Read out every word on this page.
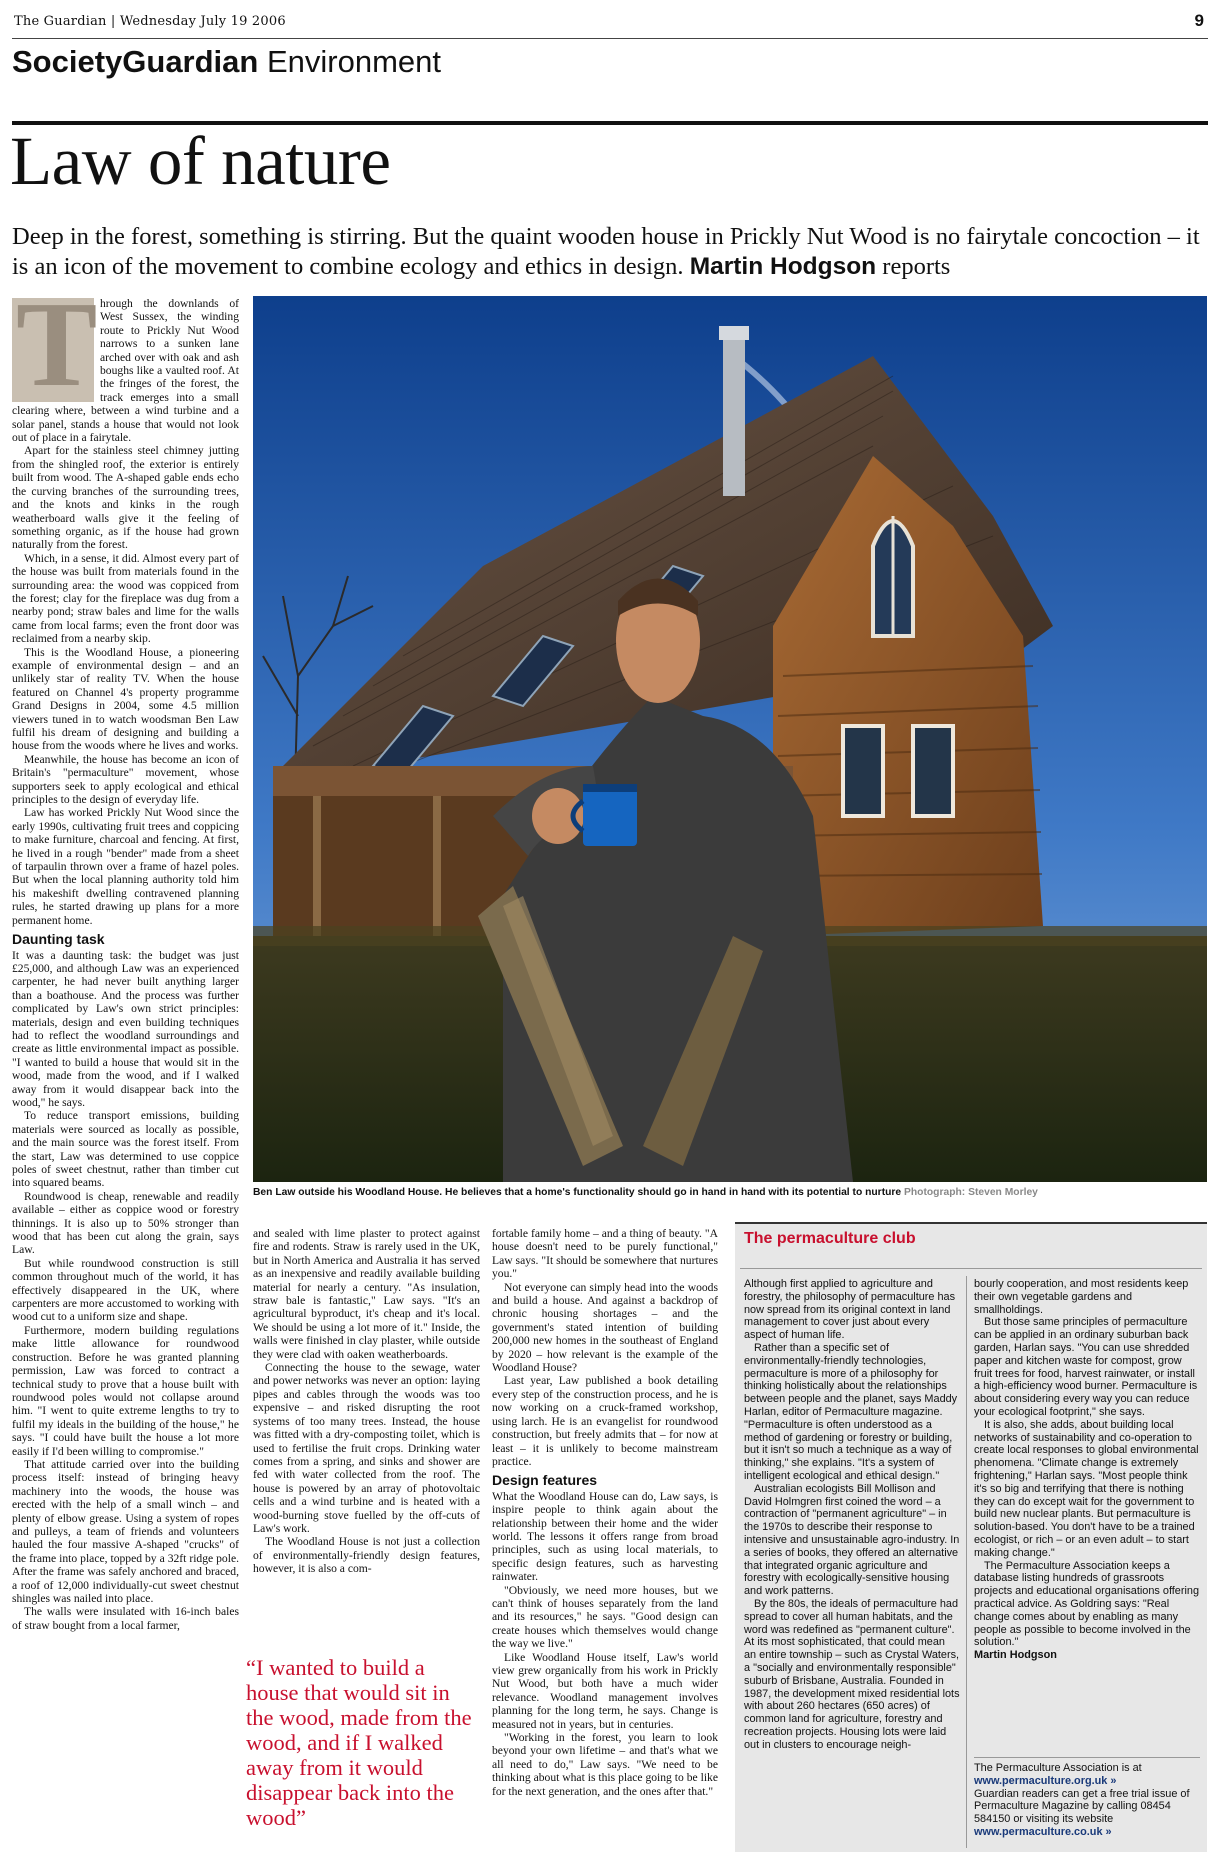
The Guardian | Wednesday July 19 2006	9
SocietyGuardian Environment
Law of nature
Deep in the forest, something is stirring. But the quaint wooden house in Prickly Nut Wood is no fairytale concoction – it is an icon of the movement to combine ecology and ethics in design. Martin Hodgson reports
T hrough the downlands of West Sussex, the winding route to Prickly Nut Wood narrows to a sunken lane arched over with oak and ash boughs like a vaulted roof. At the fringes of the forest, the track emerges into a small clearing where, between a wind turbine and a solar panel, stands a house that would not look out of place in a fairytale.

Apart for the stainless steel chimney jutting from the shingled roof, the exterior is entirely built from wood. The A-shaped gable ends echo the curving branches of the surrounding trees, and the knots and kinks in the rough weatherboard walls give it the feeling of something organic, as if the house had grown naturally from the forest.

Which, in a sense, it did. Almost every part of the house was built from materials found in the surrounding area: the wood was coppiced from the forest; clay for the fireplace was dug from a nearby pond; straw bales and lime for the walls came from local farms; even the front door was reclaimed from a nearby skip.

This is the Woodland House, a pioneering example of environmental design – and an unlikely star of reality TV. When the house featured on Channel 4's property programme Grand Designs in 2004, some 4.5 million viewers tuned in to watch woodsman Ben Law fulfil his dream of designing and building a house from the woods where he lives and works.

Meanwhile, the house has become an icon of Britain's "permaculture" movement, whose supporters seek to apply ecological and ethical principles to the design of everyday life.

Law has worked Prickly Nut Wood since the early 1990s, cultivating fruit trees and coppicing to make furniture, charcoal and fencing. At first, he lived in a rough "bender" made from a sheet of tarpaulin thrown over a frame of hazel poles. But when the local planning authority told him his makeshift dwelling contravened planning rules, he started drawing up plans for a more permanent home.

Daunting task

It was a daunting task: the budget was just £25,000, and although Law was an experienced carpenter, he had never built anything larger than a boathouse. And the process was further complicated by Law's own strict principles: materials, design and even building techniques had to reflect the woodland surroundings and create as little environmental impact as possible. "I wanted to build a house that would sit in the wood, made from the wood, and if I walked away from it would disappear back into the wood," he says.

To reduce transport emissions, building materials were sourced as locally as possible, and the main source was the forest itself. From the start, Law was determined to use coppice poles of sweet chestnut, rather than timber cut into squared beams.

Roundwood is cheap, renewable and readily available – either as coppice wood or forestry thinnings. It is also up to 50% stronger than wood that has been cut along the grain, says Law.

But while roundwood construction is still common throughout much of the world, it has effectively disappeared in the UK, where carpenters are more accustomed to working with wood cut to a uniform size and shape.

Furthermore, modern building regulations make little allowance for roundwood construction. Before he was granted planning permission, Law was forced to contract a technical study to prove that a house built with roundwood poles would not collapse around him. "I went to quite extreme lengths to try to fulfil my ideals in the building of the house," he says. "I could have built the house a lot more easily if I'd been willing to compromise."

That attitude carried over into the building process itself: instead of bringing heavy machinery into the woods, the house was erected with the help of a small winch – and plenty of elbow grease. Using a system of ropes and pulleys, a team of friends and volunteers hauled the four massive A-shaped "crucks" of the frame into place, topped by a 32ft ridge pole. After the frame was safely anchored and braced, a roof of 12,000 individually-cut sweet chestnut shingles was nailed into place.

The walls were insulated with 16-inch bales of straw bought from a local farmer,

Ben Law outside his Woodland House. He believes that a home's functionality should go in hand in hand with its potential to nurture Photograph: Steven Morley

and sealed with lime plaster to protect against fire and rodents. Straw is rarely used in the UK, but in North America and Australia it has served as an inexpensive and readily available building material for nearly a century. "As insulation, straw bale is fantastic," Law says. "It's an agricultural byproduct, it's cheap and it's local. We should be using a lot more of it." Inside, the walls were finished in clay plaster, while outside they were clad with oaken weatherboards.

Connecting the house to the sewage, water and power networks was never an option: laying pipes and cables through the woods was too expensive – and risked disrupting the root systems of too many trees. Instead, the house was fitted with a dry-composting toilet, which is used to fertilise the fruit crops. Drinking water comes from a spring, and sinks and shower are fed with water collected from the roof. The house is powered by an array of photovoltaic cells and a wind turbine and is heated with a wood-burning stove fuelled by the off-cuts of Law's work.

The Woodland House is not just a collection of environmentally-friendly design features, however, it is also a com-

“I wanted to build a house that would sit in the wood, made from the wood, and if I walked away from it would disappear back into the wood”

fortable family home – and a thing of beauty. "A house doesn't need to be purely functional," Law says. "It should be somewhere that nurtures you."

Not everyone can simply head into the woods and build a house. And against a backdrop of chronic housing shortages – and the government's stated intention of building 200,000 new homes in the southeast of England by 2020 – how relevant is the example of the Woodland House?

Last year, Law published a book detailing every step of the construction process, and he is now working on a cruck-framed workshop, using larch. He is an evangelist for roundwood construction, but freely admits that – for now at least – it is unlikely to become mainstream practice.

Design features

What the Woodland House can do, Law says, is inspire people to think again about the relationship between their home and the wider world. The lessons it offers range from broad principles, such as using local materials, to specific design features, such as harvesting rainwater.

"Obviously, we need more houses, but we can't think of houses separately from the land and its resources," he says. "Good design can create houses which themselves would change the way we live."

Like Woodland House itself, Law's world view grew organically from his work in Prickly Nut Wood, but both have a much wider relevance. Woodland management involves planning for the long term, he says. Change is measured not in years, but in centuries.

"Working in the forest, you learn to look beyond your own lifetime – and that's what we all need to do," Law says. "We need to be thinking about what is this place going to be like for the next generation, and the ones after that."

The permaculture club

Although first applied to agriculture and forestry, the philosophy of permaculture has now spread from its original context in land management to cover just about every aspect of human life.

Rather than a specific set of environmentally-friendly technologies, permaculture is more of a philosophy for thinking holistically about the relationships between people and the planet, says Maddy Harlan, editor of Permaculture magazine. "Permaculture is often understood as a method of gardening or forestry or building, but it isn't so much a technique as a way of thinking," she explains. "It's a system of intelligent ecological and ethical design."

Australian ecologists Bill Mollison and David Holmgren first coined the word – a contraction of "permanent agriculture" – in the 1970s to describe their response to intensive and unsustainable agro-industry. In a series of books, they offered an alternative that integrated organic agriculture and forestry with ecologically-sensitive housing and work patterns.

By the 80s, the ideals of permaculture had spread to cover all human habitats, and the word was redefined as "permanent culture". At its most sophisticated, that could mean an entire township – such as Crystal Waters, a "socially and environmentally responsible" suburb of Brisbane, Australia. Founded in 1987, the development mixed residential lots with about 260 hectares (650 acres) of common land for agriculture, forestry and recreation projects. Housing lots were laid out in clusters to encourage neigh-

bourly cooperation, and most residents keep their own vegetable gardens and smallholdings.

But those same principles of permaculture can be applied in an ordinary suburban back garden, Harlan says. "You can use shredded paper and kitchen waste for compost, grow fruit trees for food, harvest rainwater, or install a high-efficiency wood burner. Permaculture is about considering every way you can reduce your ecological footprint," she says.

It is also, she adds, about building local networks of sustainability and co-operation to create local responses to global environmental phenomena. "Climate change is extremely frightening," Harlan says. "Most people think it's so big and terrifying that there is nothing they can do except wait for the government to build new nuclear plants. But permaculture is solution-based. You don't have to be a trained ecologist, or rich – or an even adult – to start making change."

The Permaculture Association keeps a database listing hundreds of grassroots projects and educational organisations offering practical advice. As Goldring says: "Real change comes about by enabling as many people as possible to become involved in the solution."

Martin Hodgson
The Permaculture Association is at
www.permaculture.org.uk »
Guardian readers can get a free trial issue of Permaculture Magazine by calling 08454 584150 or visiting its website
www.permaculture.co.uk »
